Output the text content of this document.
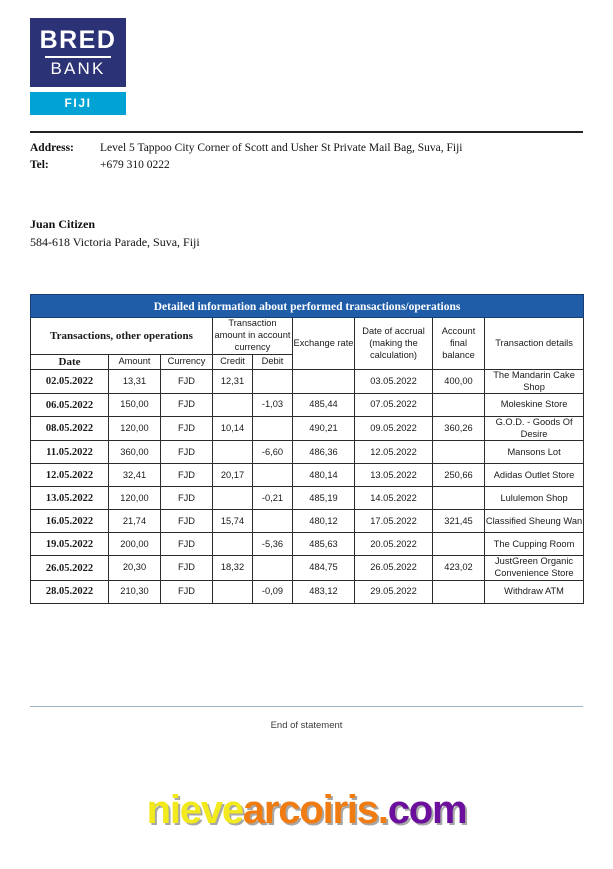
BRED
BANK
FIJI
Address:	Level 5 Tappoo City Corner of Scott and Usher St Private Mail Bag, Suva, Fiji
Tel:	+679 310 0222
Juan Citizen
584-618 Victoria Parade, Suva, Fiji
Detailed information about performed transactions/operations								
Transactions, other operations			Transaction amount in account currency		Exchange rate	Date of accrual (making the calculation)	Account final balance	Transaction details
Date	Amount	Currency	Credit	Debit				
02.05.2022	13,31	FJD	12,31			03.05.2022	400,00	The Mandarin Cake Shop
06.05.2022	150,00	FJD		-1,03	485,44	07.05.2022		Moleskine Store
08.05.2022	120,00	FJD	10,14		490,21	09.05.2022	360,26	G.O.D. - Goods Of Desire
11.05.2022	360,00	FJD		-6,60	486,36	12.05.2022		Mansons Lot
12.05.2022	32,41	FJD	20,17		480,14	13.05.2022	250,66	Adidas Outlet Store
13.05.2022	120,00	FJD		-0,21	485,19	14.05.2022		Lululemon Shop
16.05.2022	21,74	FJD	15,74		480,12	17.05.2022	321,45	Classified Sheung Wan
19.05.2022	200,00	FJD		-5,36	485,63	20.05.2022		The Cupping Room
26.05.2022	20,30	FJD	18,32		484,75	26.05.2022	423,02	JustGreen Organic Convenience Store
28.05.2022	210,30	FJD		-0,09	483,12	29.05.2022		Withdraw ATM
End of statement
nievearcoiris.com
